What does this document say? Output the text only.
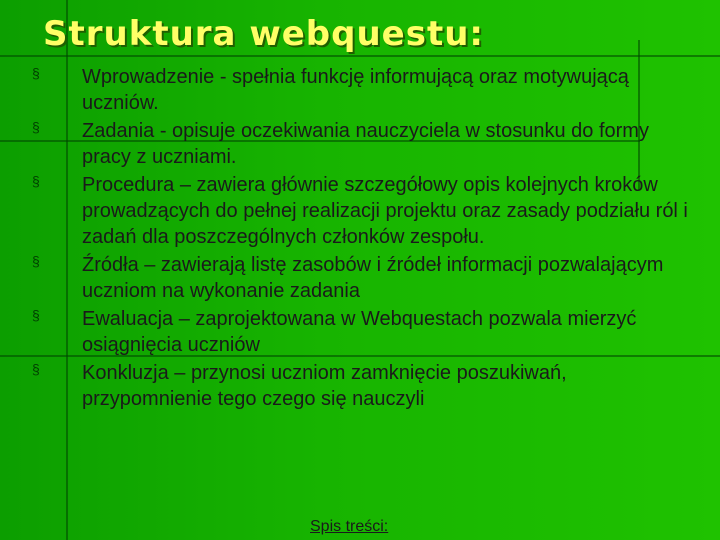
Struktura webquestu:
§ Wprowadzenie - spełnia funkcję informującą oraz motywującą uczniów.
§ Zadania - opisuje oczekiwania nauczyciela w stosunku do formy pracy z uczniami.
§ Procedura – zawiera głównie szczegółowy opis kolejnych kroków prowadzących do pełnej realizacji projektu oraz zasady podziału ról i zadań dla poszczególnych członków zespołu.
§ Źródła – zawierają listę zasobów i źródeł informacji pozwalającym uczniom na wykonanie zadania
§ Ewaluacja – zaprojektowana w Webquestach pozwala mierzyć osiągnięcia uczniów
§ Konkluzja – przynosi uczniom zamknięcie poszukiwań, przypomnienie tego czego się nauczyli
Spis treści:
